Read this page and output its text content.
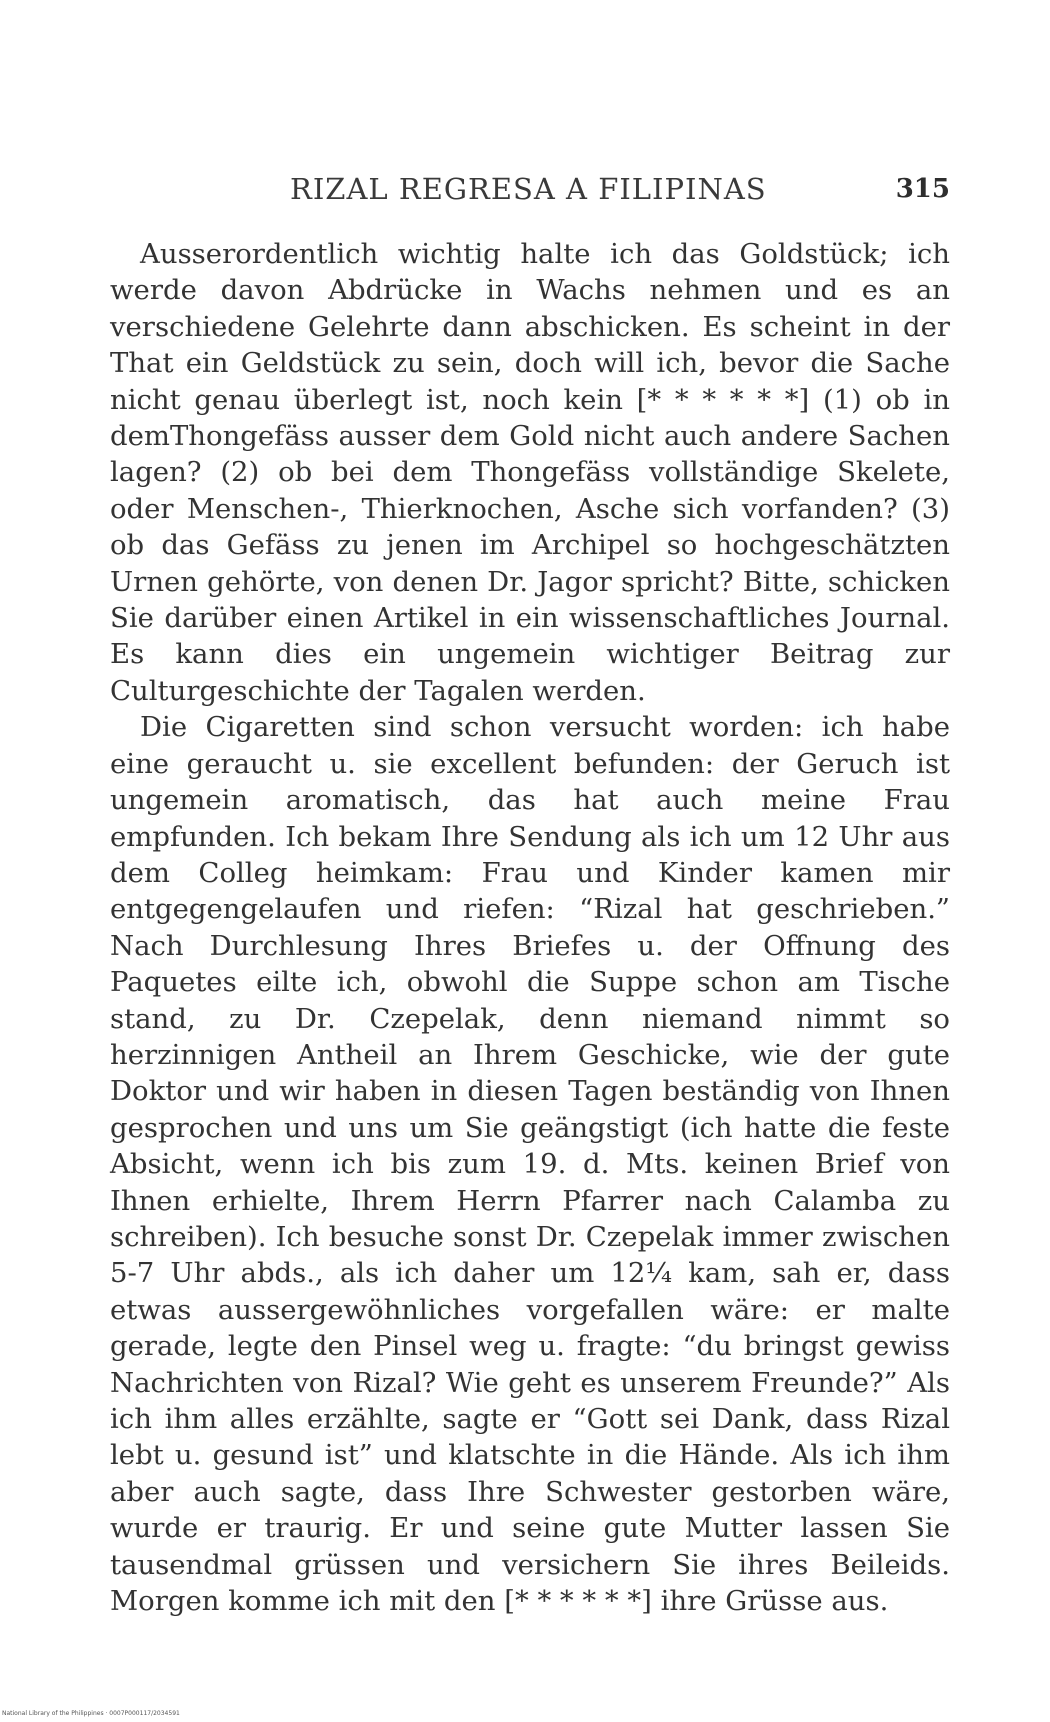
RIZAL REGRESA A FILIPINAS	315

Ausserordentlich wichtig halte ich das Goldstück; ich werde davon Abdrücke in Wachs nehmen und es an verschiedene Gelehrte dann abschicken. Es scheint in der That ein Geldstück zu sein, doch will ich, bevor die Sache nicht genau überlegt ist, noch kein [* * * * * *] (1) ob in demThongefäss ausser dem Gold nicht auch andere Sachen lagen? (2) ob bei dem Thongefäss vollständige Skelete, oder Menschen-, Thierknochen, Asche sich vorfanden? (3) ob das Gefäss zu jenen im Archipel so hochgeschätzten Urnen gehörte, von denen Dr. Jagor spricht? Bitte, schicken Sie darüber einen Artikel in ein wissenschaftliches Journal. Es kann dies ein ungemein wichtiger Beitrag zur Culturgeschichte der Tagalen werden.

Die Cigaretten sind schon versucht worden: ich habe eine geraucht u. sie excellent befunden: der Geruch ist ungemein aromatisch, das hat auch meine Frau empfunden. Ich bekam Ihre Sendung als ich um 12 Uhr aus dem Colleg heimkam: Frau und Kinder kamen mir entgegengelaufen und riefen: “Rizal hat geschrieben.” Nach Durchlesung Ihres Briefes u. der Offnung des Paquetes eilte ich, obwohl die Suppe schon am Tische stand, zu Dr. Czepelak, denn niemand nimmt so herzinnigen Antheil an Ihrem Geschicke, wie der gute Doktor und wir haben in diesen Tagen beständig von Ihnen gesprochen und uns um Sie geängstigt (ich hatte die feste Absicht, wenn ich bis zum 19. d. Mts. keinen Brief von Ihnen erhielte, Ihrem Herrn Pfarrer nach Calamba zu schreiben). Ich besuche sonst Dr. Czepelak immer zwischen 5-7 Uhr abds., als ich daher um 12¼ kam, sah er, dass etwas aussergewöhnliches vorgefallen wäre: er malte gerade, legte den Pinsel weg u. fragte: “du bringst gewiss Nachrichten von Rizal? Wie geht es unserem Freunde?” Als ich ihm alles erzählte, sagte er “Gott sei Dank, dass Rizal lebt u. gesund ist” und klatschte in die Hände. Als ich ihm aber auch sagte, dass Ihre Schwester gestorben wäre, wurde er traurig. Er und seine gute Mutter lassen Sie tausendmal grüssen und versichern Sie ihres Beileids. Morgen komme ich mit den [* * * * * *] ihre Grüsse aus.

National Library of the Philippines · 0007P000117/2034591
